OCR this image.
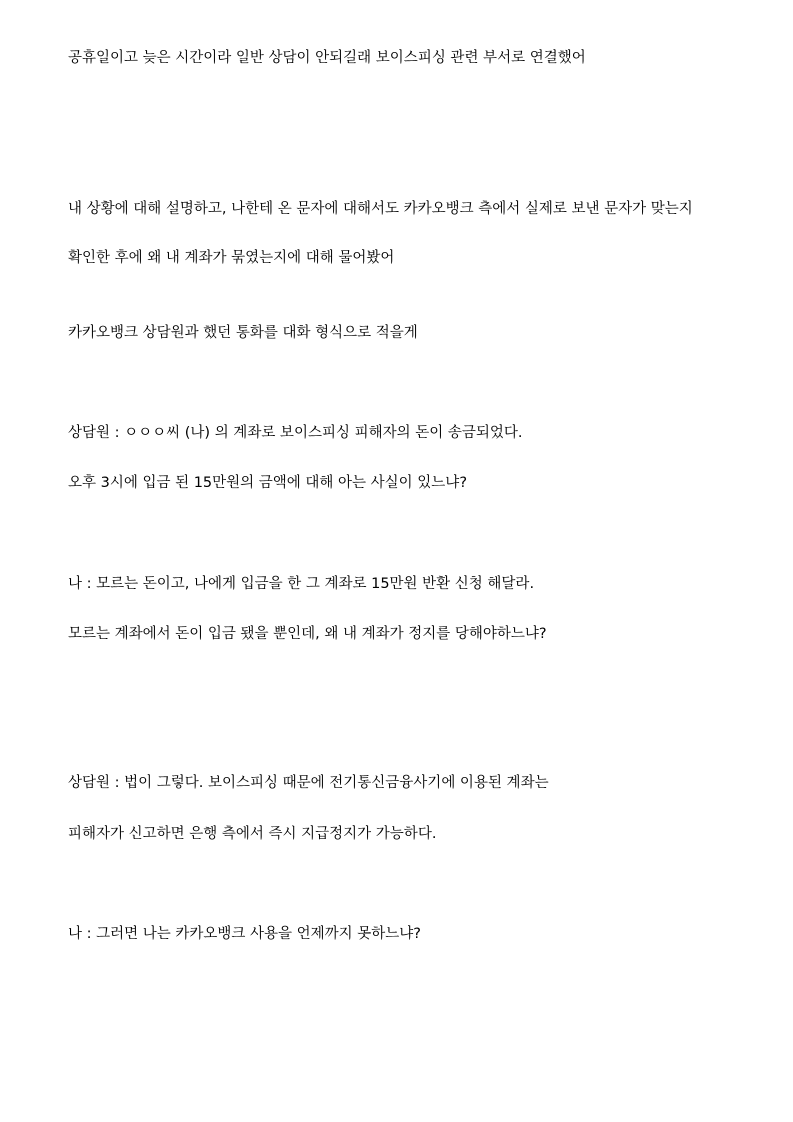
공휴일이고 늦은 시간이라 일반 상담이 안되길래 보이스피싱 관련 부서로 연결했어

내 상황에 대해 설명하고, 나한테 온 문자에 대해서도 카카오뱅크 측에서 실제로 보낸 문자가 맞는지

확인한 후에 왜 내 계좌가 묶였는지에 대해 물어봤어

카카오뱅크 상담원과 했던 통화를 대화 형식으로 적을게

상담원 : ㅇㅇㅇ씨 (나) 의 계좌로 보이스피싱 피해자의 돈이 송금되었다.

오후 3시에 입금 된 15만원의 금액에 대해 아는 사실이 있느냐?

나 : 모르는 돈이고, 나에게 입금을 한 그 계좌로 15만원 반환 신청 해달라.

모르는 계좌에서 돈이 입금 됐을 뿐인데, 왜 내 계좌가 정지를 당해야하느냐?

상담원 : 법이 그렇다. 보이스피싱 때문에 전기통신금융사기에 이용된 계좌는

피해자가 신고하면 은행 측에서 즉시 지급정지가 가능하다.

나 : 그러면 나는 카카오뱅크 사용을 언제까지 못하느냐?
